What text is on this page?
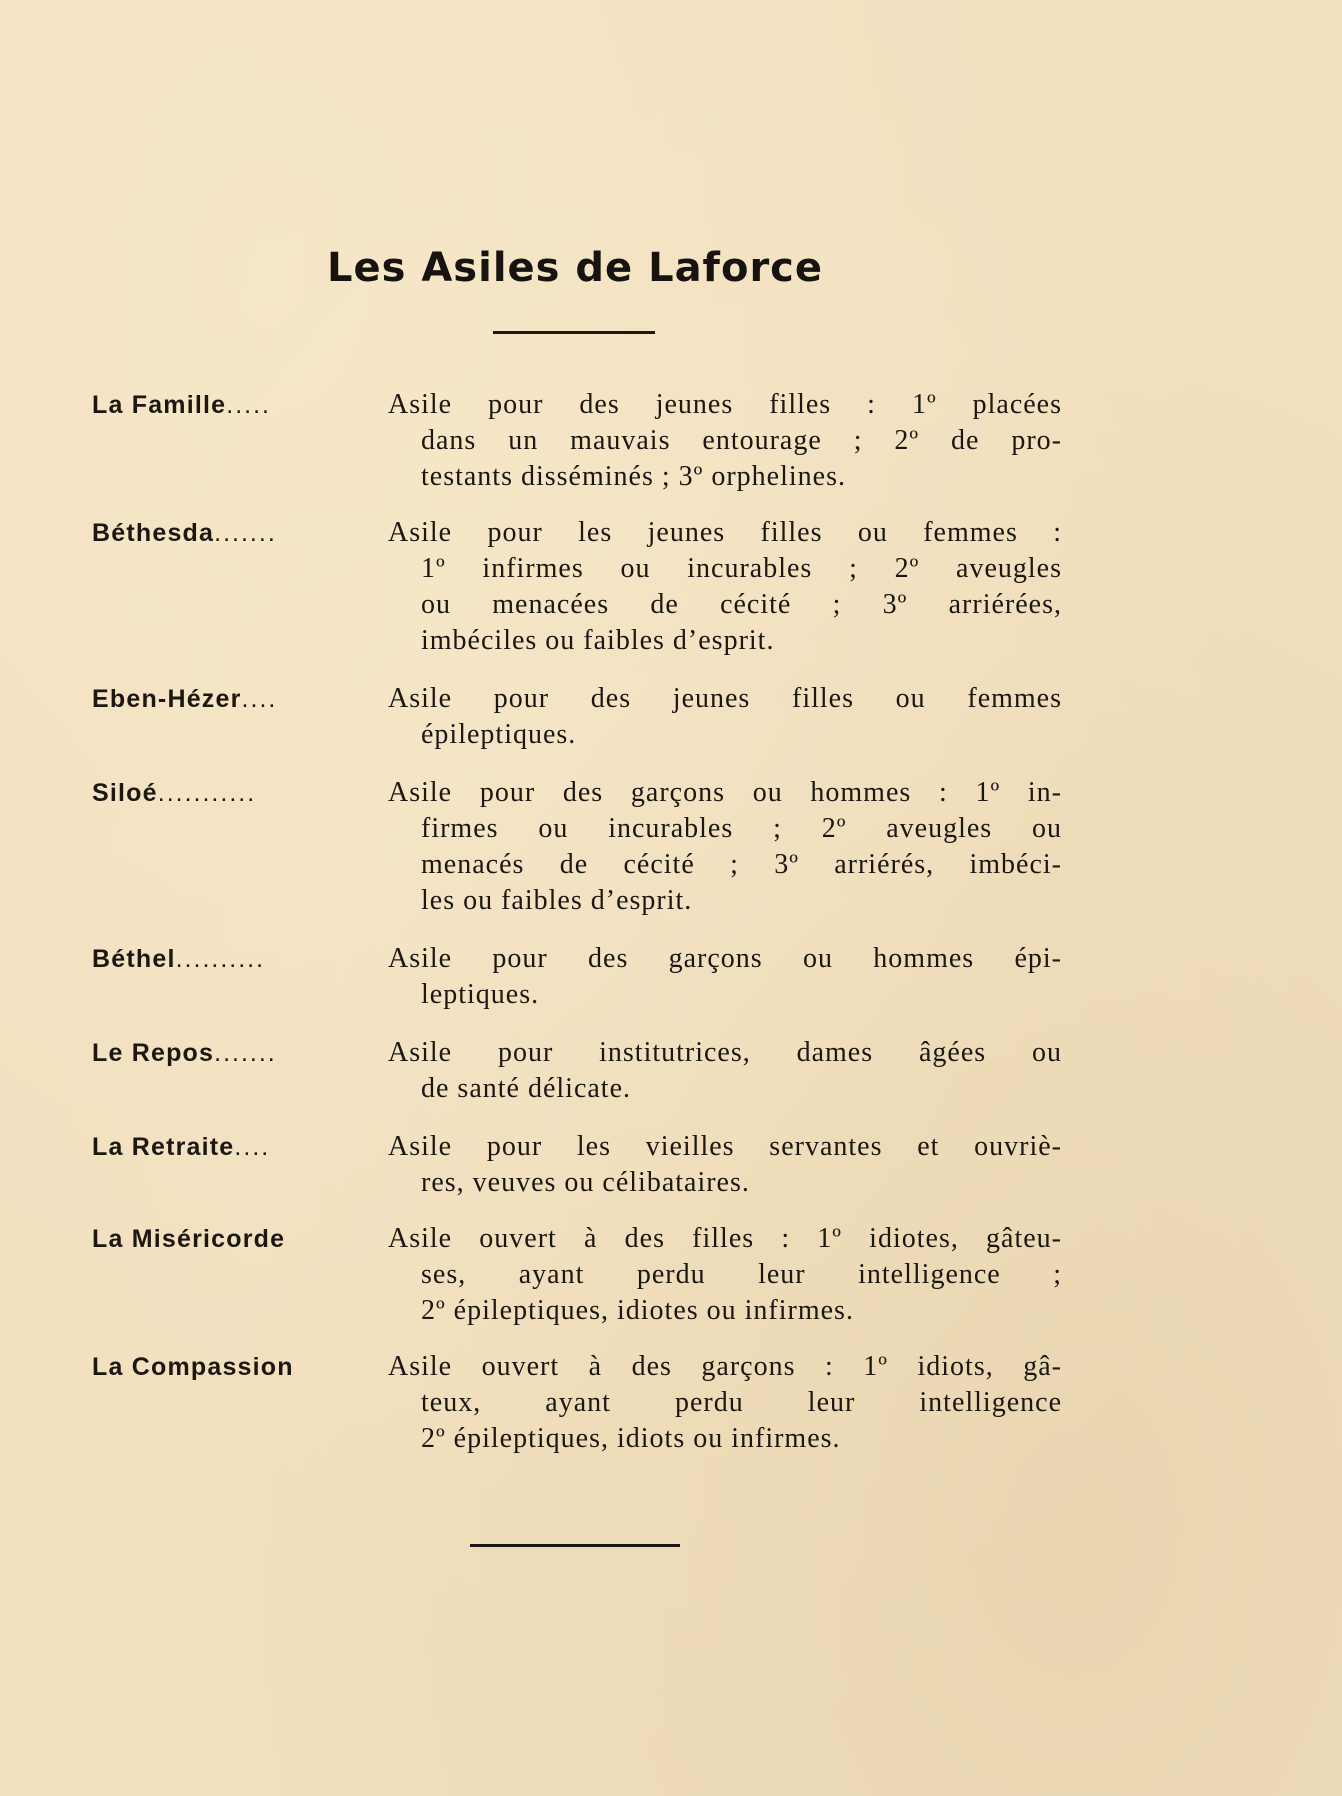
Les Asiles de Laforce
La Famille.....	Asile pour des jeunes filles : 1º placées
dans un mauvais entourage ; 2º de pro-
testants disséminés ; 3º orphelines.
Béthesda.......	Asile pour les jeunes filles ou femmes :
1º infirmes ou incurables ; 2º aveugles
ou menacées de cécité ; 3º arriérées,
imbéciles ou faibles d’esprit.
Eben-Hézer....	Asile pour des jeunes filles ou femmes
épileptiques.
Siloé...........	Asile pour des garçons ou hommes : 1º in-
firmes ou incurables ; 2º aveugles ou
menacés de cécité ; 3º arriérés, imbéci-
les ou faibles d’esprit.
Béthel..........	Asile pour des garçons ou hommes épi-
leptiques.
Le Repos.......	Asile pour institutrices, dames âgées ou
de santé délicate.
La Retraite....	Asile pour les vieilles servantes et ouvriè-
res, veuves ou célibataires.
La Miséricorde	Asile ouvert à des filles : 1º idiotes, gâteu-
ses, ayant perdu leur intelligence ;
2º épileptiques, idiotes ou infirmes.
La Compassion	Asile ouvert à des garçons : 1º idiots, gâ-
teux, ayant perdu leur intelligence
2º épileptiques, idiots ou infirmes.
